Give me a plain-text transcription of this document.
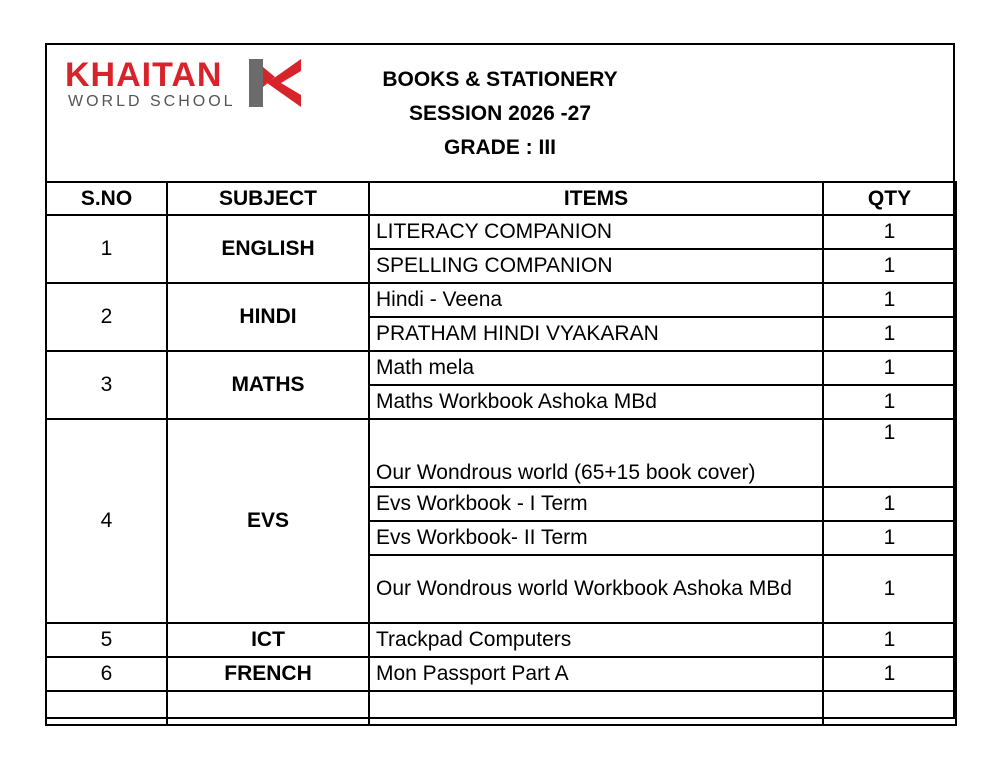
KHAITAN
WORLD SCHOOL
BOOKS & STATIONERY
SESSION 2026 -27
GRADE : III
S.NO	SUBJECT	ITEMS	QTY
1	ENGLISH	LITERACY COMPANION	1
		SPELLING COMPANION	1
2	HINDI	Hindi - Veena	1
		PRATHAM HINDI VYAKARAN	1
3	MATHS	Math mela	1
		Maths Workbook Ashoka MBd	1
4	EVS	Our Wondrous world (65+15 book cover)	1
		Evs Workbook - I Term	1
		Evs Workbook- II Term	1
		Our Wondrous world Workbook Ashoka MBd	1
5	ICT	Trackpad Computers	1
6	FRENCH	Mon Passport Part A	1
